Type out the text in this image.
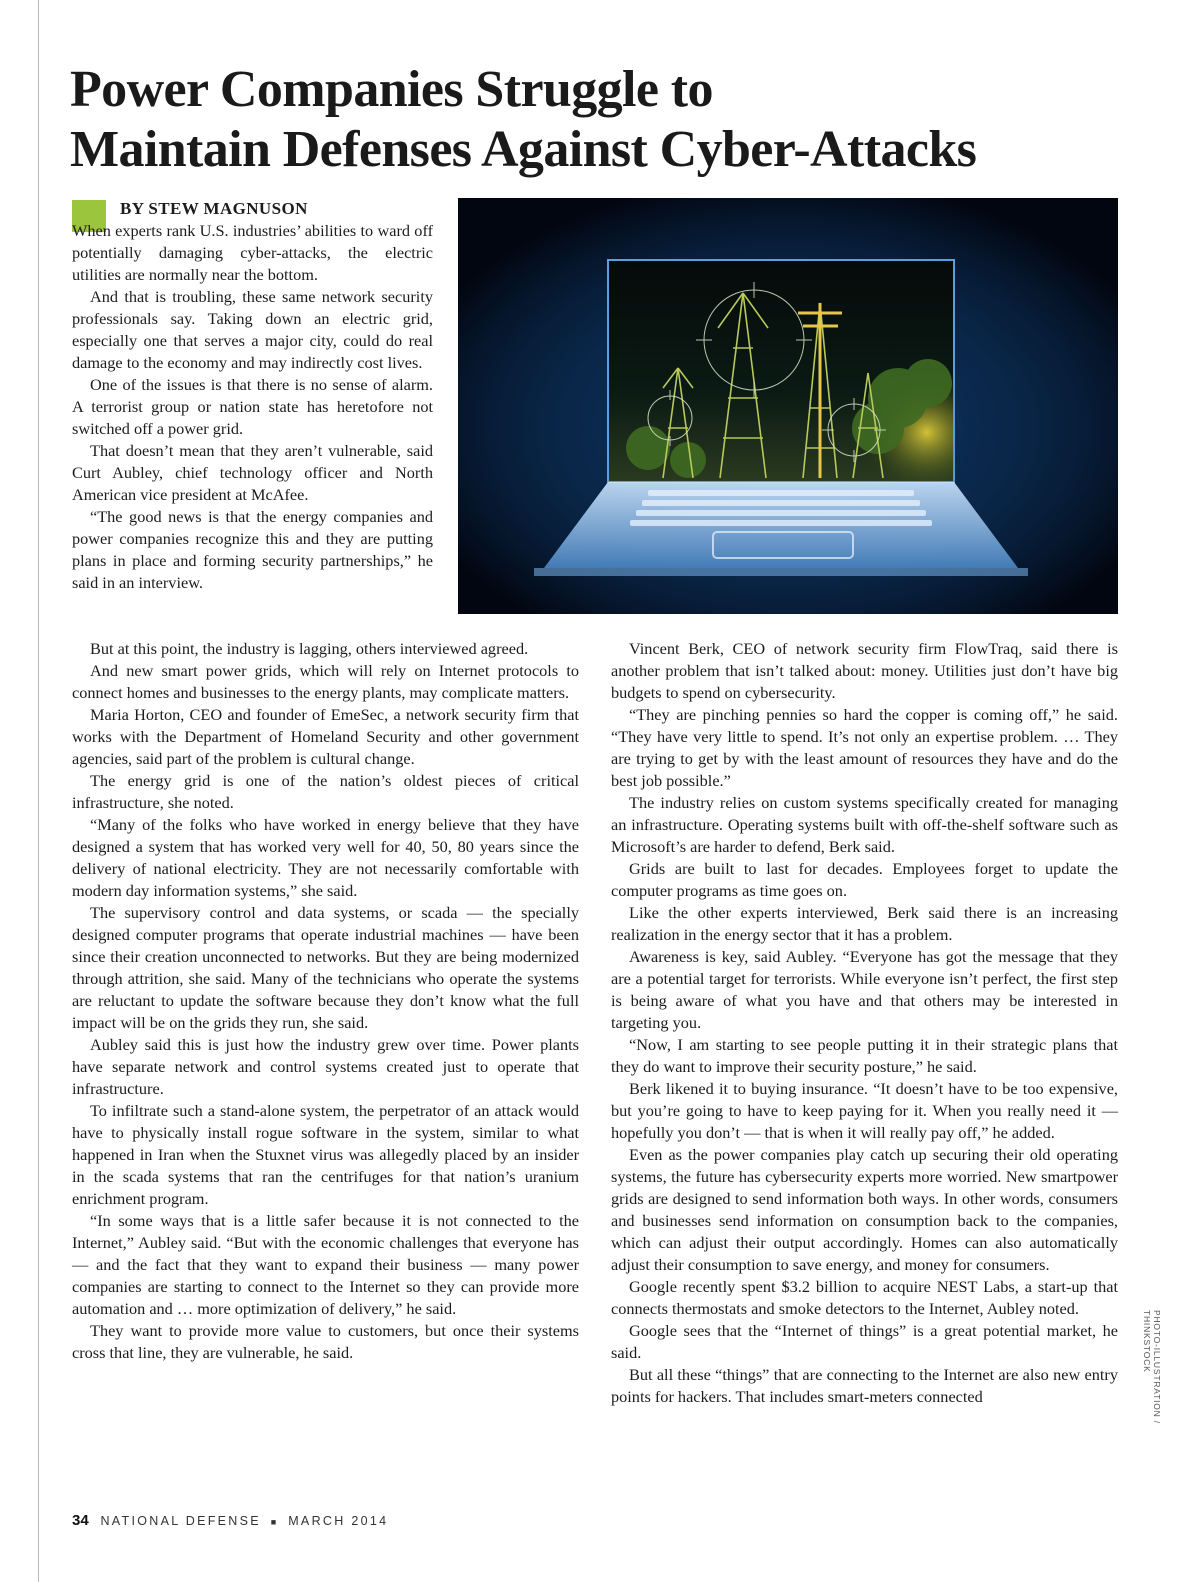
Power Companies Struggle to
Maintain Defenses Against Cyber-Attacks
BY STEW MAGNUSON

When experts rank U.S. industries’ abilities to ward off potentially damaging cyber-attacks, the electric utilities are normally near the bottom.

And that is troubling, these same network security professionals say. Taking down an electric grid, especially one that serves a major city, could do real damage to the economy and may indirectly cost lives.

One of the issues is that there is no sense of alarm. A terrorist group or nation state has heretofore not switched off a power grid.

That doesn’t mean that they aren’t vulnerable, said Curt Aubley, chief technology officer and North American vice president at McAfee.

“The good news is that the energy companies and power companies recognize this and they are putting plans in place and forming security partnerships,” he said in an interview.

But at this point, the industry is lagging, others interviewed agreed.

And new smart power grids, which will rely on Internet protocols to connect homes and businesses to the energy plants, may complicate matters.

Maria Horton, CEO and founder of EmeSec, a network security firm that works with the Department of Homeland Security and other government agencies, said part of the problem is cultural change.

The energy grid is one of the nation’s oldest pieces of critical infrastructure, she noted.

“Many of the folks who have worked in energy believe that they have designed a system that has worked very well for 40, 50, 80 years since the delivery of national electricity. They are not necessarily comfortable with modern day information systems,” she said.

The supervisory control and data systems, or scada — the specially designed computer programs that operate industrial machines — have been since their creation unconnected to networks. But they are being modernized through attrition, she said. Many of the technicians who operate the systems are reluctant to update the software because they don’t know what the full impact will be on the grids they run, she said.

Aubley said this is just how the industry grew over time. Power plants have separate network and control systems created just to operate that infrastructure.

To infiltrate such a stand-alone system, the perpetrator of an attack would have to physically install rogue software in the system, similar to what happened in Iran when the Stuxnet virus was allegedly placed by an insider in the scada systems that ran the centrifuges for that nation’s uranium enrichment program.

“In some ways that is a little safer because it is not connected to the Internet,” Aubley said. “But with the economic challenges that everyone has — and the fact that they want to expand their business — many power companies are starting to connect to the Internet so they can provide more automation and … more optimization of delivery,” he said.

They want to provide more value to customers, but once their systems cross that line, they are vulnerable, he said.

Vincent Berk, CEO of network security firm FlowTraq, said there is another problem that isn’t talked about: money. Utilities just don’t have big budgets to spend on cybersecurity.

“They are pinching pennies so hard the copper is coming off,” he said. “They have very little to spend. It’s not only an expertise problem. … They are trying to get by with the least amount of resources they have and do the best job possible.”

The industry relies on custom systems specifically created for managing an infrastructure. Operating systems built with off-the-shelf software such as Microsoft’s are harder to defend, Berk said.

Grids are built to last for decades. Employees forget to update the computer programs as time goes on.

Like the other experts interviewed, Berk said there is an increasing realization in the energy sector that it has a problem.

Awareness is key, said Aubley. “Everyone has got the message that they are a potential target for terrorists. While everyone isn’t perfect, the first step is being aware of what you have and that others may be interested in targeting you.

“Now, I am starting to see people putting it in their strategic plans that they do want to improve their security posture,” he said.

Berk likened it to buying insurance. “It doesn’t have to be too expensive, but you’re going to have to keep paying for it. When you really need it — hopefully you don’t — that is when it will really pay off,” he added.

Even as the power companies play catch up securing their old operating systems, the future has cybersecurity experts more worried. New smartpower grids are designed to send information both ways. In other words, consumers and businesses send information on consumption back to the companies, which can adjust their output accordingly. Homes can also automatically adjust their consumption to save energy, and money for consumers.

Google recently spent $3.2 billion to acquire NEST Labs, a start-up that connects thermostats and smoke detectors to the Internet, Aubley noted.

Google sees that the “Internet of things” is a great potential market, he said.

But all these “things” that are connecting to the Internet are also new entry points for hackers. That includes smart-meters connected	PHOTO-ILLUSTRATION / THINKSTOCK
34 NATIONAL DEFENSE ■ MARCH 2014
